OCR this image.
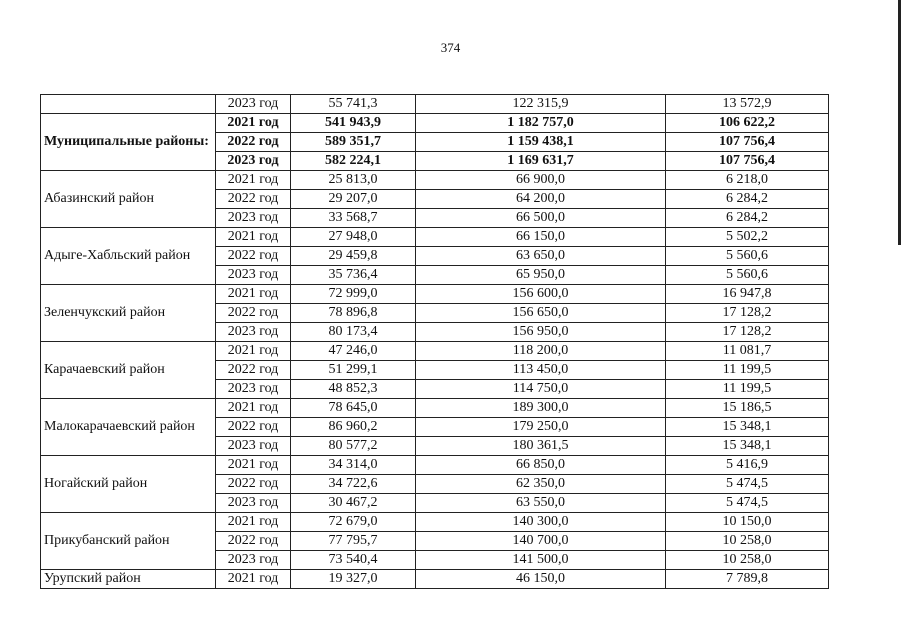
374
	2023 год	55 741,3	122 315,9	13 572,9
Муниципальные районы:	2021 год	541 943,9	1 182 757,0	106 622,2
	2022 год	589 351,7	1 159 438,1	107 756,4
	2023 год	582 224,1	1 169 631,7	107 756,4
Абазинский район	2021 год	25 813,0	66 900,0	6 218,0
	2022 год	29 207,0	64 200,0	6 284,2
	2023 год	33 568,7	66 500,0	6 284,2
Адыге-Хабльский район	2021 год	27 948,0	66 150,0	5 502,2
	2022 год	29 459,8	63 650,0	5 560,6
	2023 год	35 736,4	65 950,0	5 560,6
Зеленчукский район	2021 год	72 999,0	156 600,0	16 947,8
	2022 год	78 896,8	156 650,0	17 128,2
	2023 год	80 173,4	156 950,0	17 128,2
Карачаевский район	2021 год	47 246,0	118 200,0	11 081,7
	2022 год	51 299,1	113 450,0	11 199,5
	2023 год	48 852,3	114 750,0	11 199,5
Малокарачаевский район	2021 год	78 645,0	189 300,0	15 186,5
	2022 год	86 960,2	179 250,0	15 348,1
	2023 год	80 577,2	180 361,5	15 348,1
Ногайский район	2021 год	34 314,0	66 850,0	5 416,9
	2022 год	34 722,6	62 350,0	5 474,5
	2023 год	30 467,2	63 550,0	5 474,5
Прикубанский район	2021 год	72 679,0	140 300,0	10 150,0
	2022 год	77 795,7	140 700,0	10 258,0
	2023 год	73 540,4	141 500,0	10 258,0
Урупский район	2021 год	19 327,0	46 150,0	7 789,8
